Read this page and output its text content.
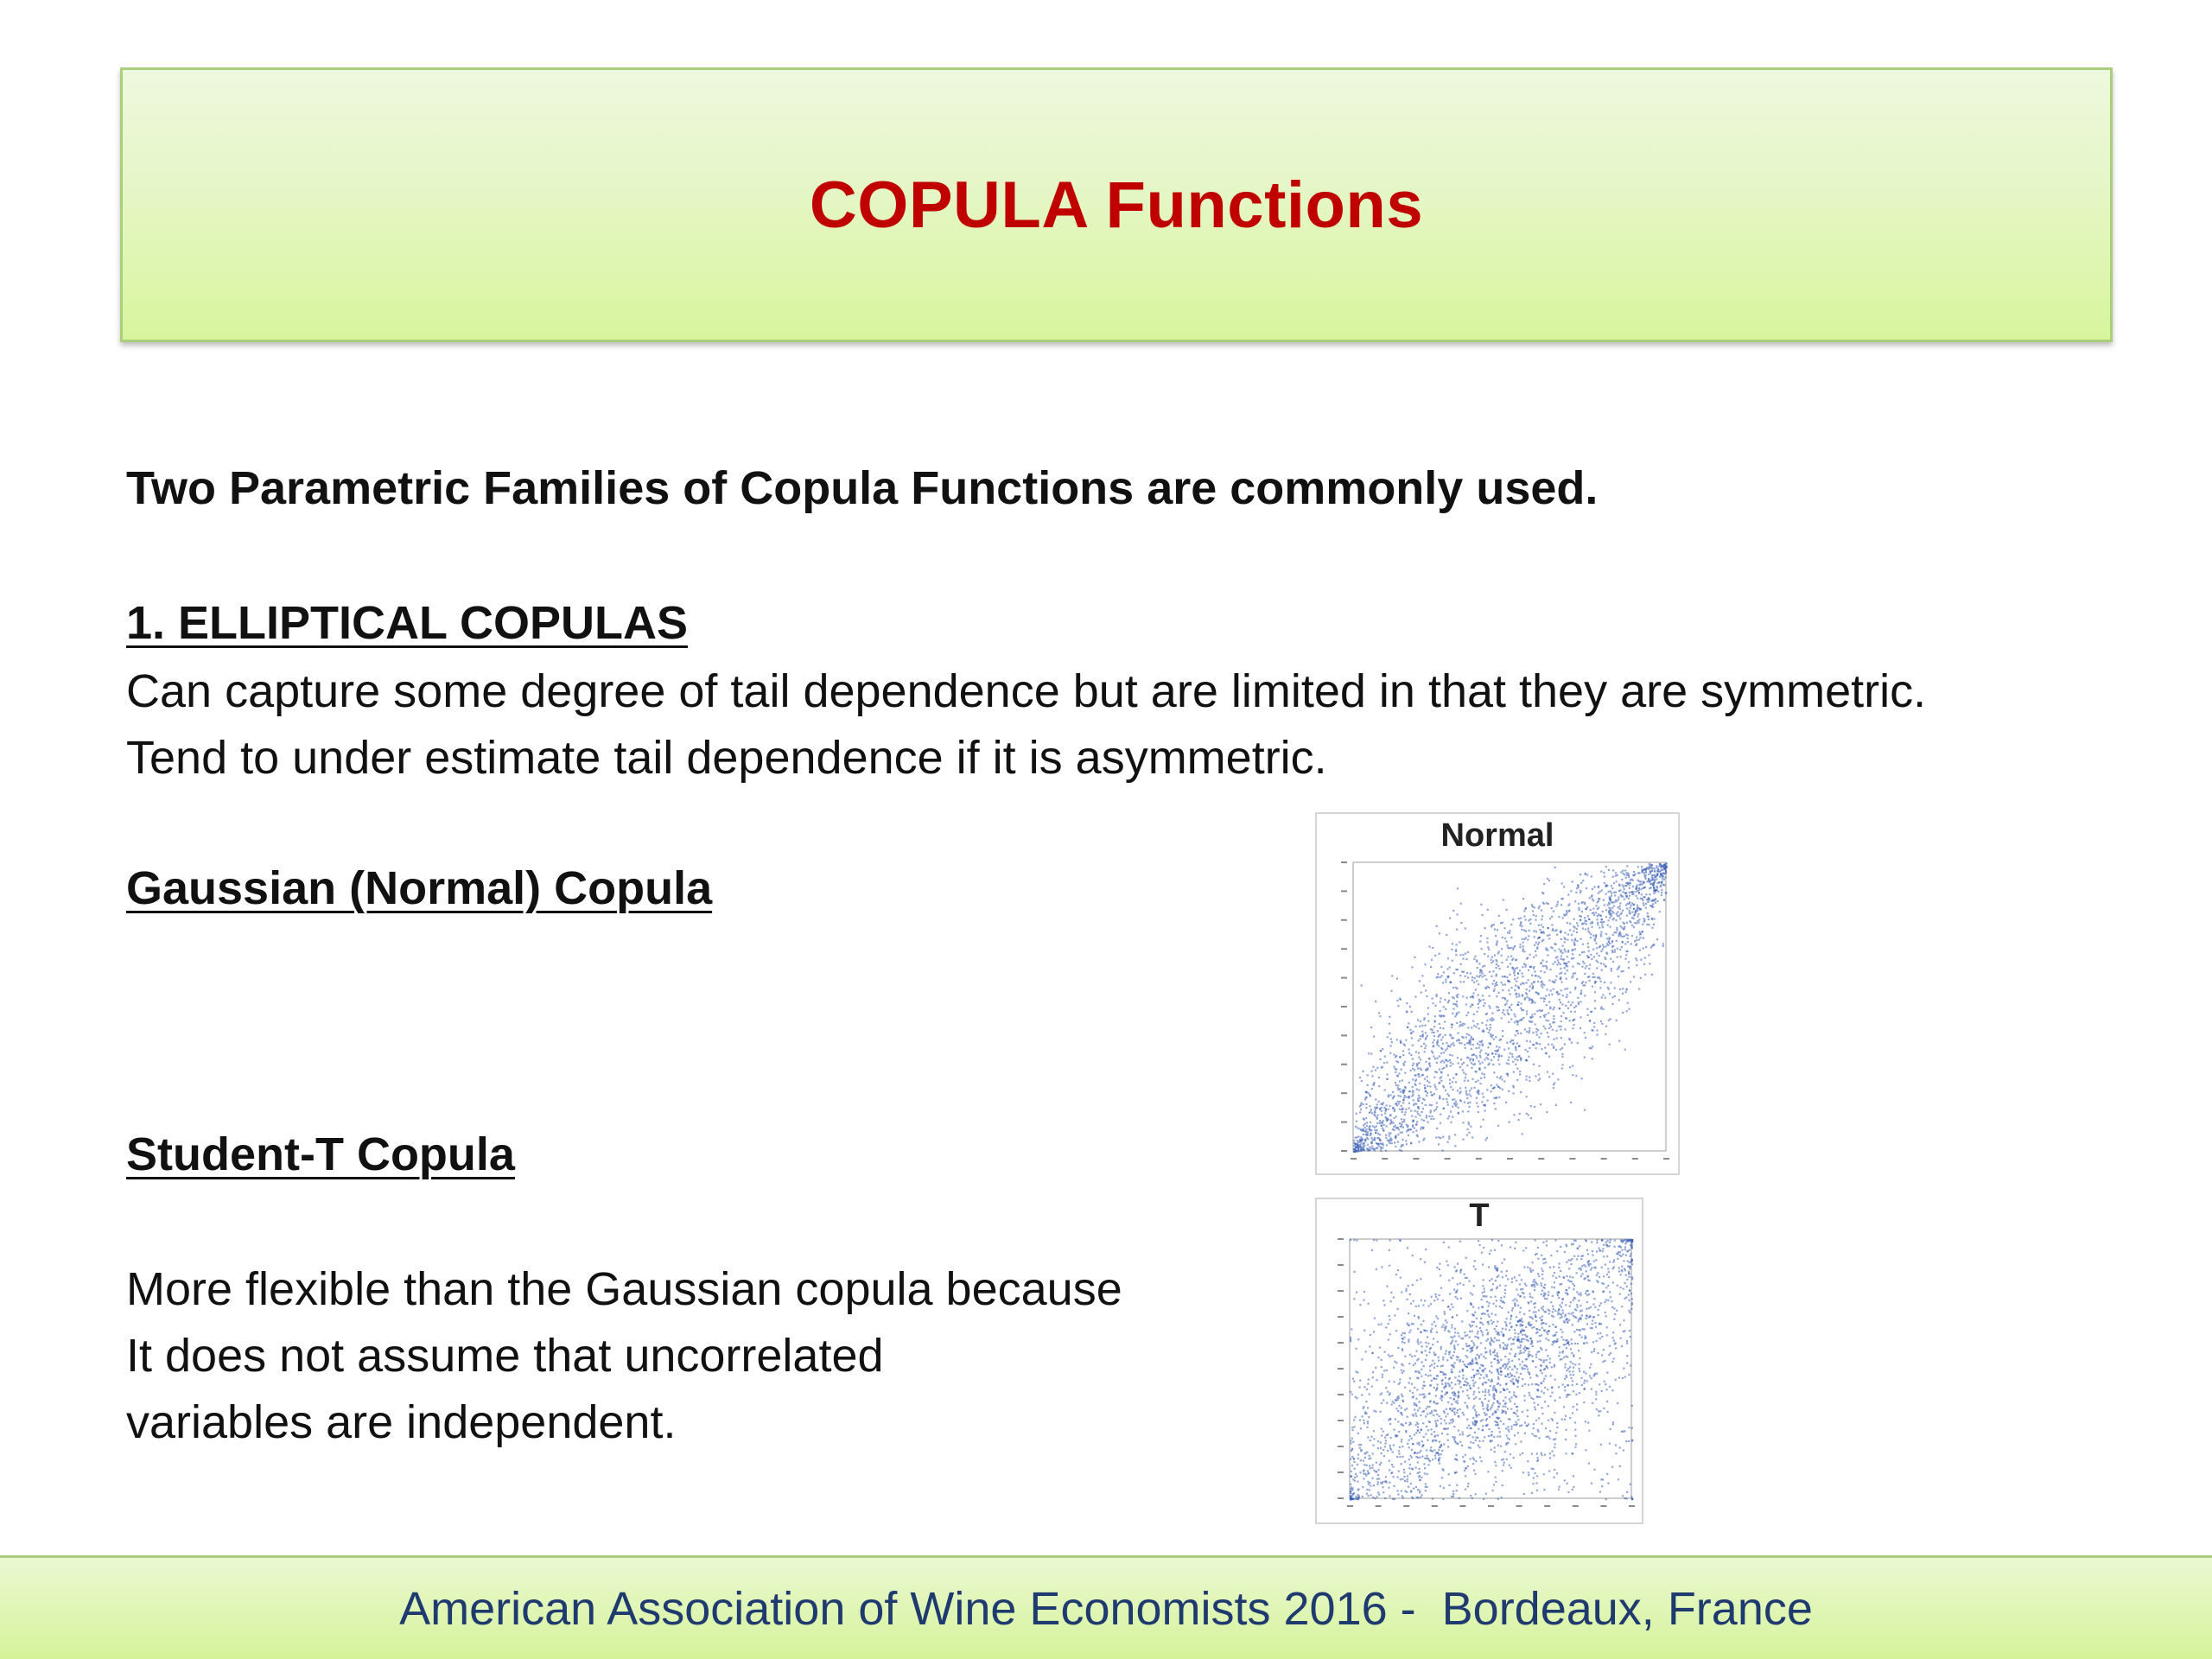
COPULA Functions
Two Parametric Families of Copula Functions are commonly used.
1. ELLIPTICAL COPULAS
Can capture some degree of tail dependence but are limited in that they are symmetric.
Tend to under estimate tail dependence if it is asymmetric.
Gaussian (Normal) Copula
Student-T Copula
More flexible than the Gaussian copula because
It does not assume that uncorrelated
variables are independent.
Normal
T
American Association of Wine Economists 2016 -  Bordeaux, France
